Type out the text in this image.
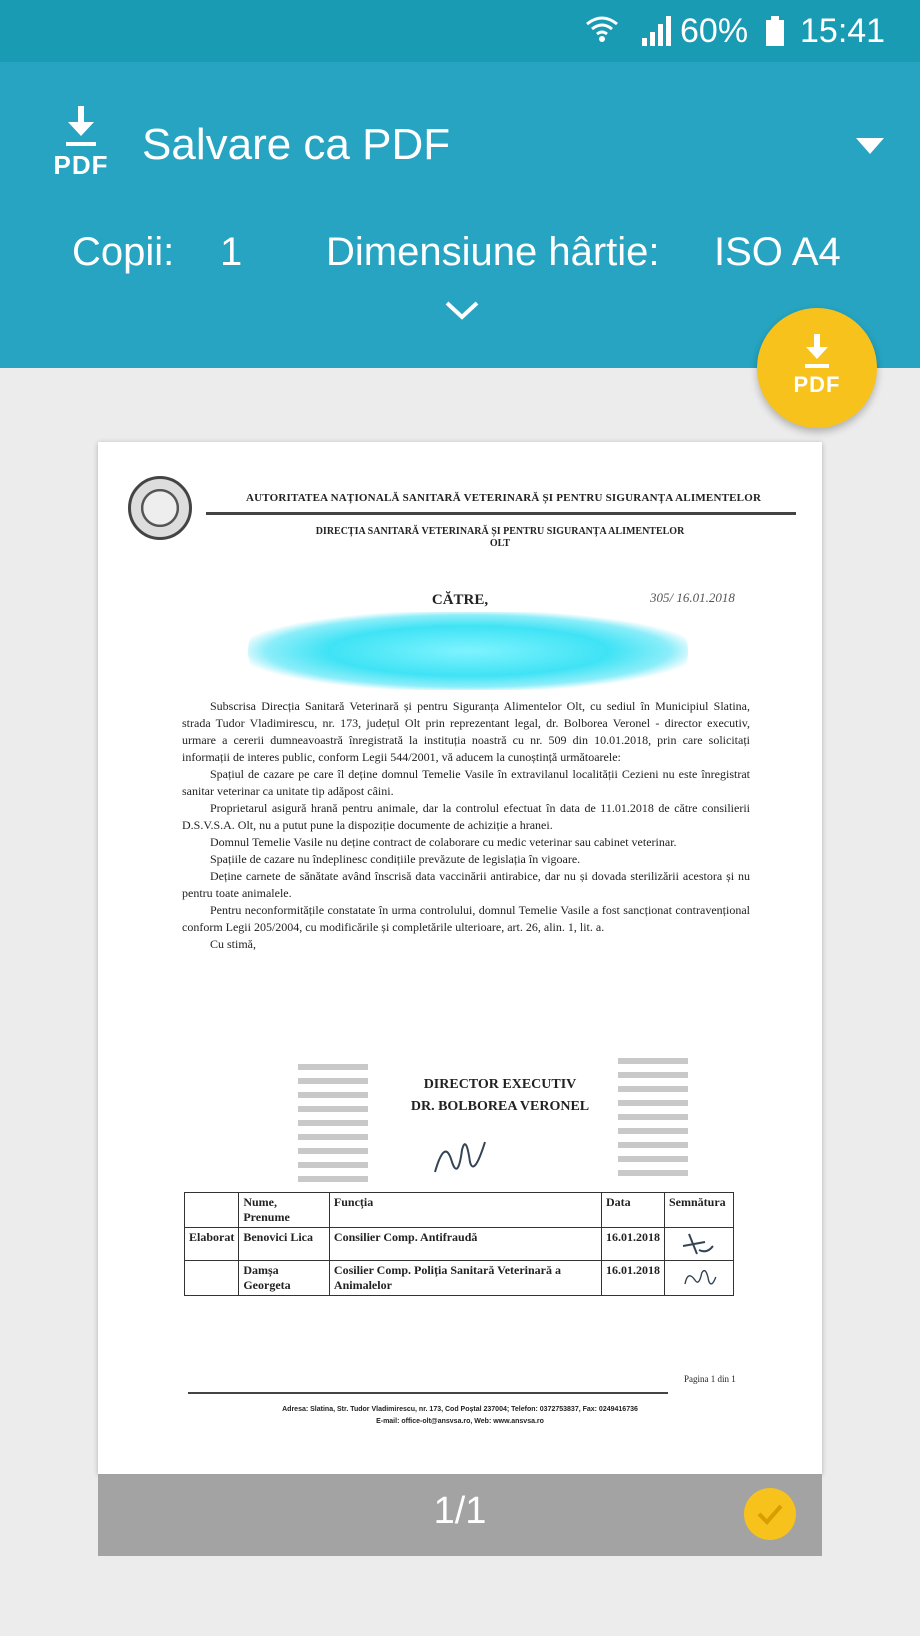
60% 15:41
PDF Salvare ca PDF
Copii: 1 Dimensiune hârtie: ISO A4
PDF
AUTORITATEA NAȚIONALĂ SANITARĂ VETERINARĂ ȘI PENTRU SIGURANȚA ALIMENTELOR
DIRECȚIA SANITARĂ VETERINARĂ ȘI PENTRU SIGURANȚA ALIMENTELOR
OLT
CĂTRE,	305/ 16.01.2018

Subscrisa Direcția Sanitară Veterinară și pentru Siguranța Alimentelor Olt, cu sediul în Municipiul Slatina, strada Tudor Vladimirescu, nr. 173, județul Olt prin reprezentant legal, dr. Bolborea Veronel - director executiv, urmare a cererii dumneavoastră înregistrată la instituția noastră cu nr. 509 din 10.01.2018, prin care solicitați informații de interes public, conform Legii 544/2001, vă aducem la cunoștință următoarele:

Spațiul de cazare pe care îl deține domnul Temelie Vasile în extravilanul localității Cezieni nu este înregistrat sanitar veterinar ca unitate tip adăpost câini.

Proprietarul asigură hrană pentru animale, dar la controlul efectuat în data de 11.01.2018 de către consilierii D.S.V.S.A. Olt, nu a putut pune la dispoziție documente de achiziție a hranei.

Domnul Temelie Vasile nu deține contract de colaborare cu medic veterinar sau cabinet veterinar.

Spațiile de cazare nu îndeplinesc condițiile prevăzute de legislația în vigoare.

Deține carnete de sănătate având înscrisă data vaccinării antirabice, dar nu și dovada sterilizării acestora și nu pentru toate animalele.

Pentru neconformitățile constatate în urma controlului, domnul Temelie Vasile a fost sancționat contravențional conform Legii 205/2004, cu modificările și completările ulterioare, art. 26, alin. 1, lit. a.

Cu stimă,

DIRECTOR EXECUTIV
DR. BOLBOREA VERONEL
	Nume, Prenume	Funcția	Data	Semnătura
Elaborat	Benovici Lica	Consilier Comp. Antifraudă	16.01.2018	

	Damșa Georgeta	Cosilier Comp. Poliția Sanitară Veterinară a Animalelor	16.01.2018	
Pagina 1 din 1
Adresa: Slatina, Str. Tudor Vladimirescu, nr. 173, Cod Poștal 237004; Telefon: 0372753837, Fax: 0249416736
E-mail: office-olt@ansvsa.ro, Web: www.ansvsa.ro
1/1
